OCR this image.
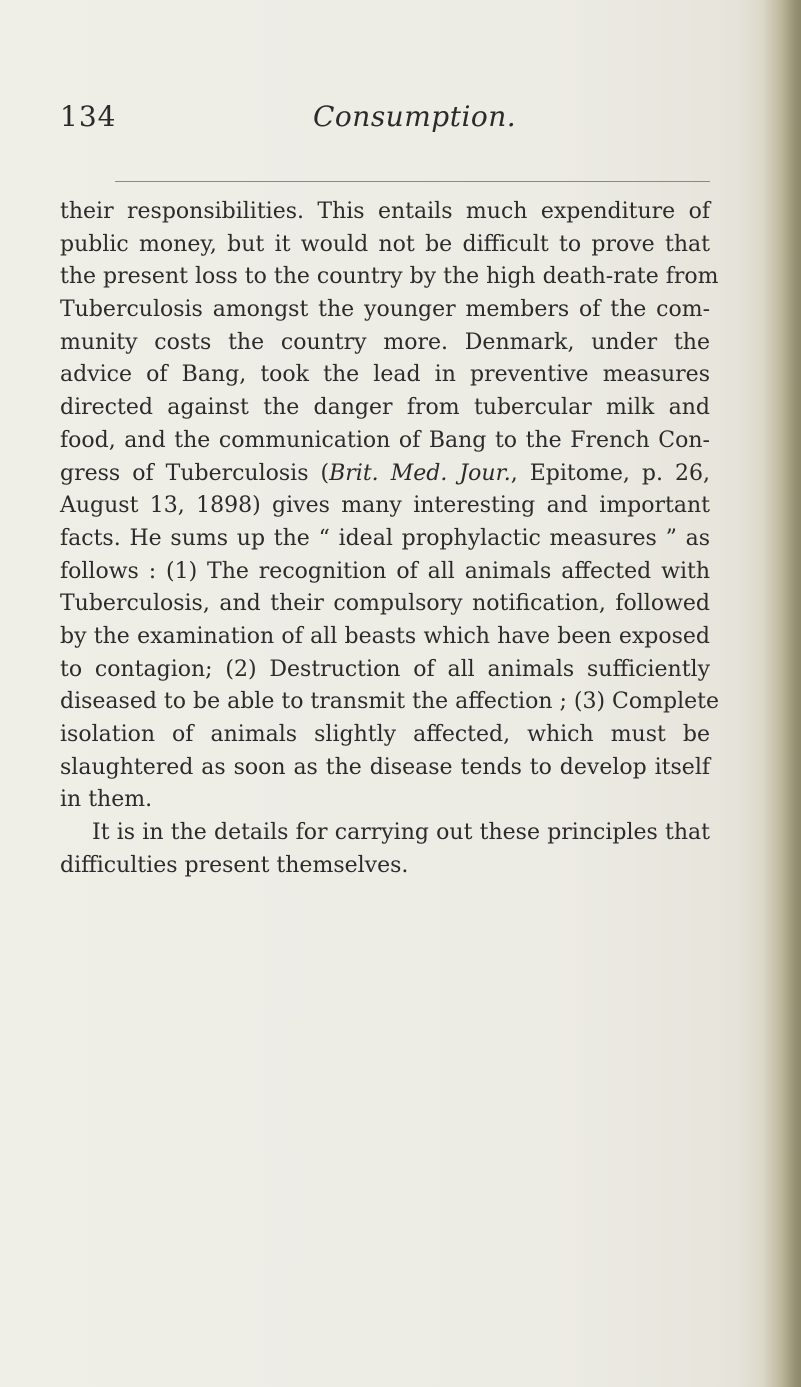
134	Consumption.
their responsibilities. This entails much expenditure of
public money, but it would not be difficult to prove that
the present loss to the country by the high death-rate from
Tuberculosis amongst the younger members of the com-
munity costs the country more. Denmark, under the
advice of Bang, took the lead in preventive measures
directed against the danger from tubercular milk and
food, and the communication of Bang to the French Con-
gress of Tuberculosis (Brit. Med. Jour., Epitome, p. 26,
August 13, 1898) gives many interesting and important
facts. He sums up the “ ideal prophylactic measures ” as
follows : (1) The recognition of all animals affected with
Tuberculosis, and their compulsory notification, followed
by the examination of all beasts which have been exposed
to contagion; (2) Destruction of all animals sufficiently
diseased to be able to transmit the affection ; (3) Complete
isolation of animals slightly affected, which must be
slaughtered as soon as the disease tends to develop itself
in them.
It is in the details for carrying out these principles that
difficulties present themselves.
